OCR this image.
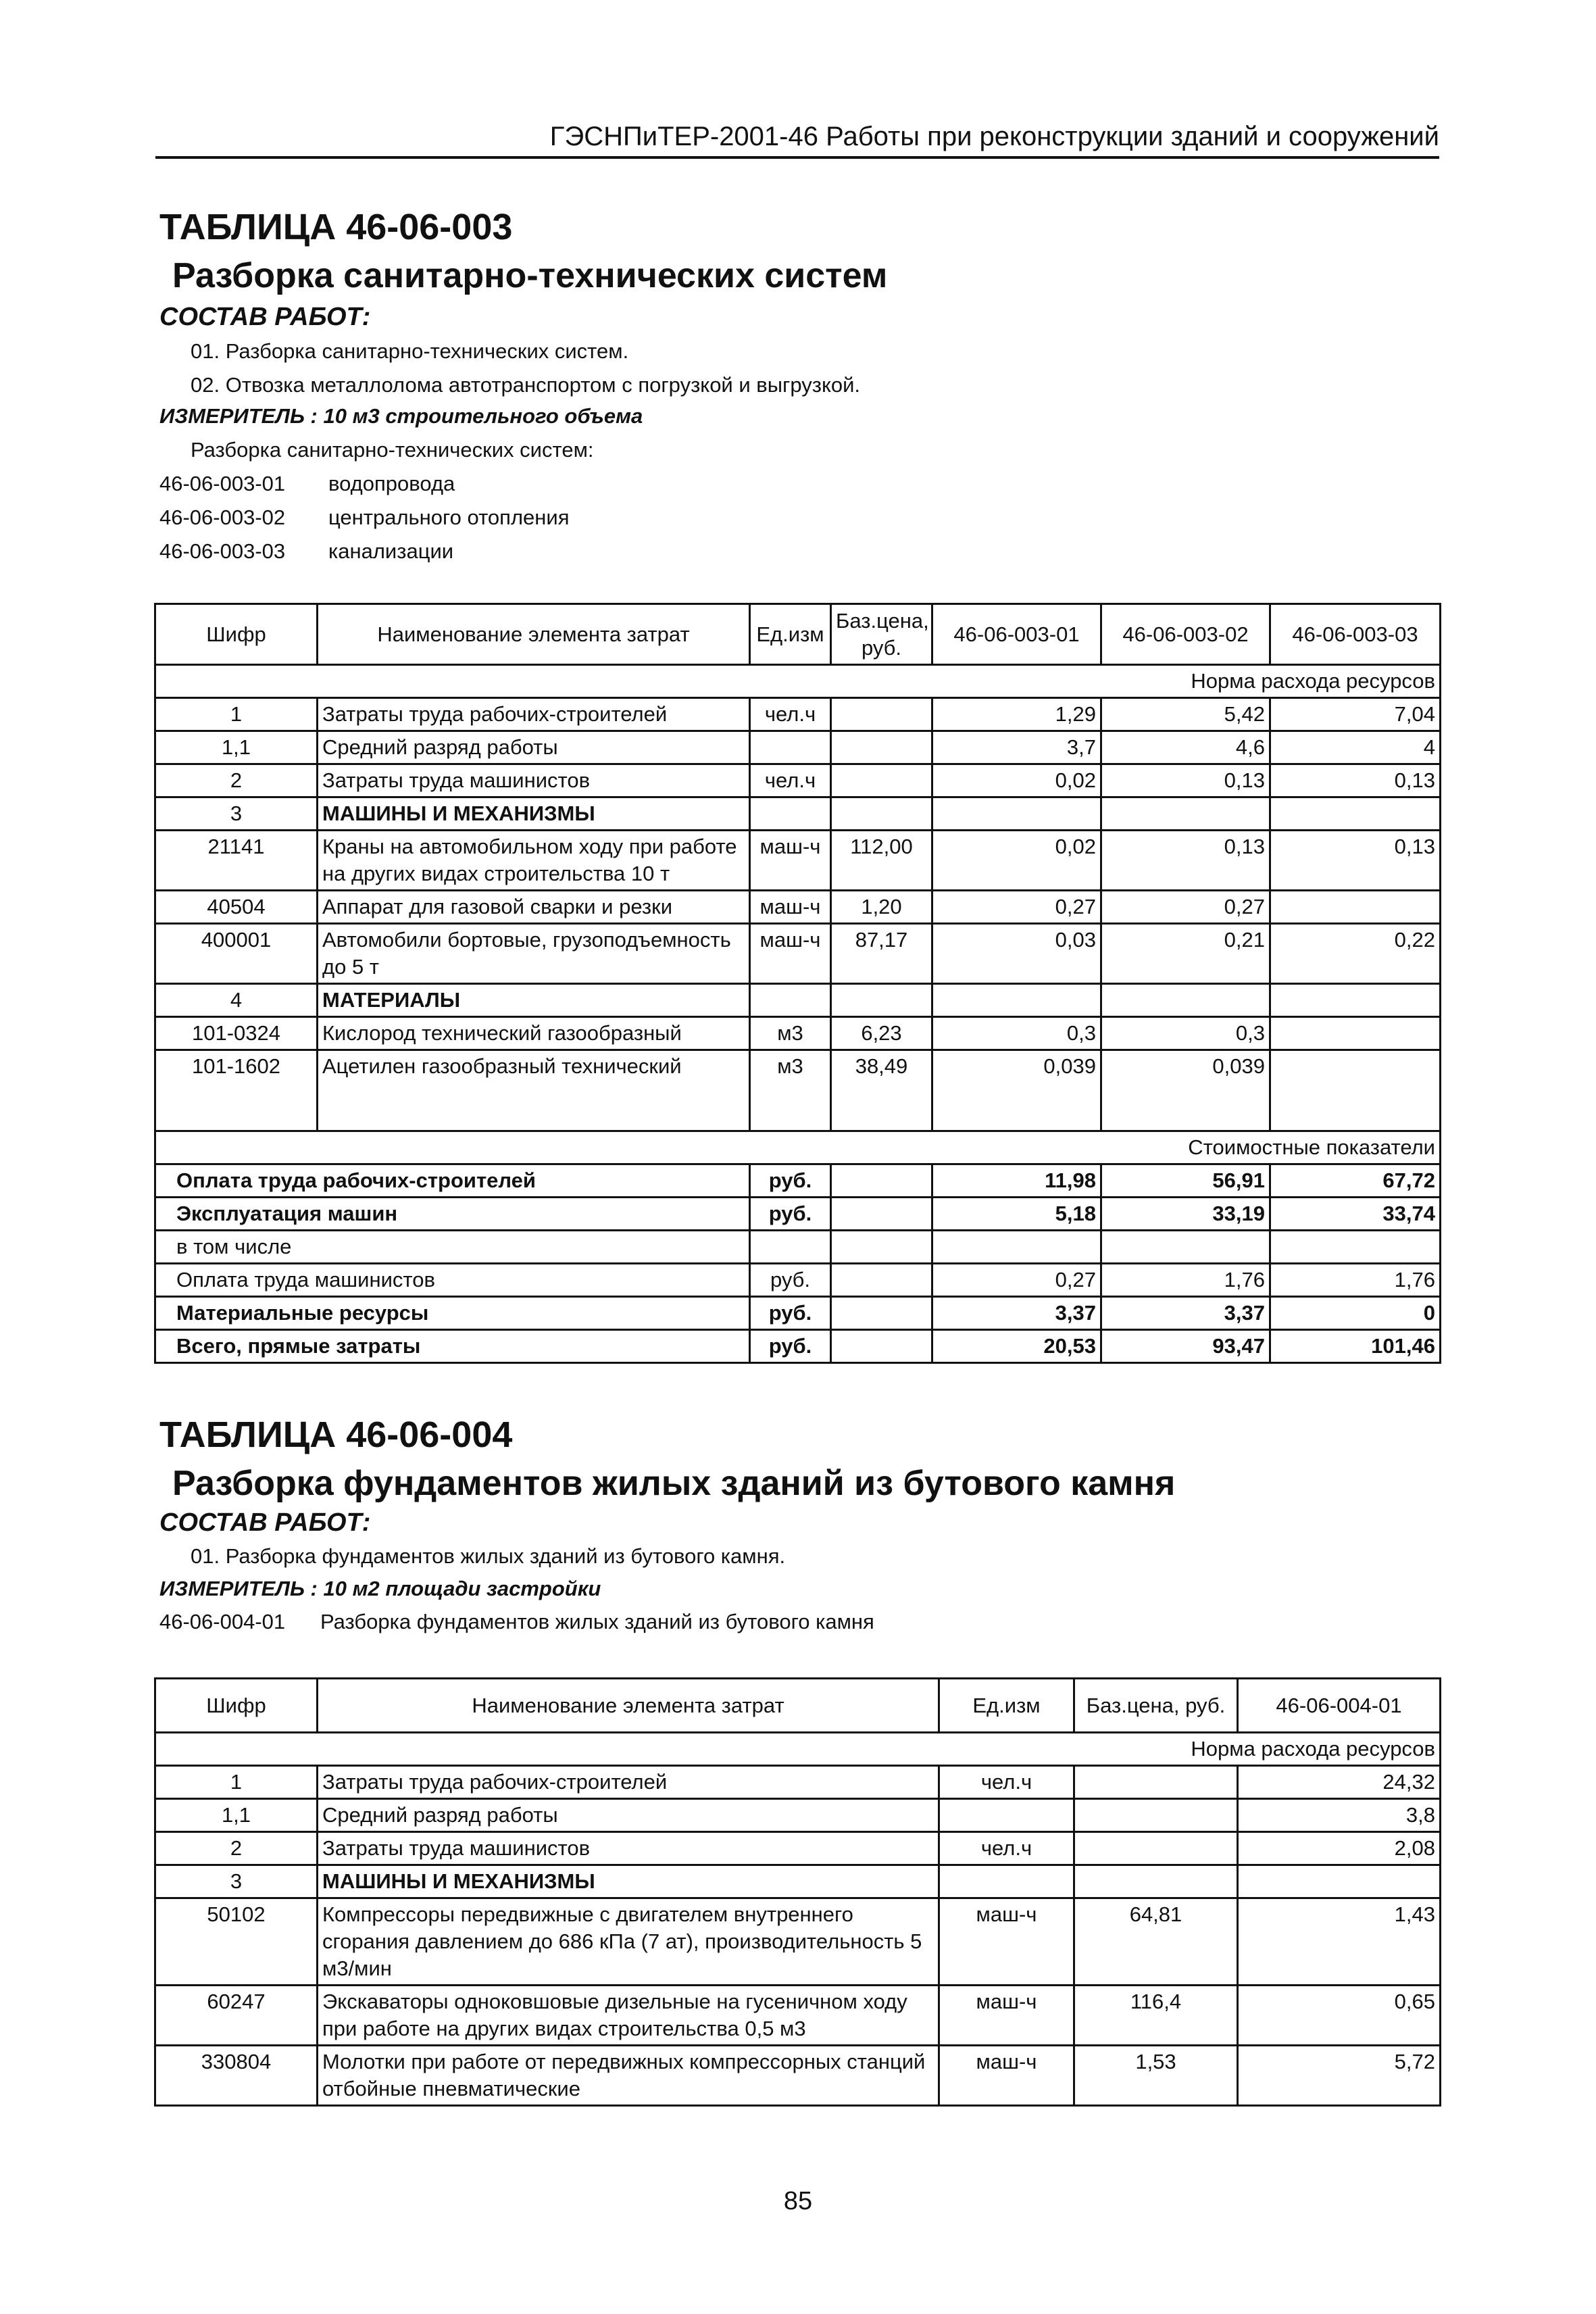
ГЭСНПиТЕР-2001-46 Работы при реконструкции зданий и сооружений
ТАБЛИЦА 46-06-003
Разборка санитарно-технических систем
СОСТАВ РАБОТ:
01. Разборка санитарно-технических систем.
02. Отвозка металлолома автотранспортом с погрузкой и выгрузкой.
ИЗМЕРИТЕЛЬ : 10 м3 строительного объема
Разборка санитарно-технических систем:
46-06-003-01 водопровода
46-06-003-02 центрального отопления
46-06-003-03 канализации
Шифр	Наименование элемента затрат	Ед.изм	Баз.цена, руб.	46-06-003-01	46-06-003-02	46-06-003-03
Норма расхода ресурсов						
1	Затраты труда рабочих-строителей	чел.ч		1,29	5,42	7,04
1,1	Средний разряд работы			3,7	4,6	4
2	Затраты труда машинистов	чел.ч		0,02	0,13	0,13
3	МАШИНЫ И МЕХАНИЗМЫ					
21141	Краны на автомобильном ходу при работе на других видах строительства 10 т	маш-ч	112,00	0,02	0,13	0,13
40504	Аппарат для газовой сварки и резки	маш-ч	1,20	0,27	0,27	
400001	Автомобили бортовые, грузоподъемность до 5 т	маш-ч	87,17	0,03	0,21	0,22
4	МАТЕРИАЛЫ					
101-0324	Кислород технический газообразный	м3	6,23	0,3	0,3	
101-1602	Ацетилен газообразный технический	м3	38,49	0,039	0,039	
Стоимостные показатели						
Оплата труда рабочих-строителей		руб.		11,98	56,91	67,72
Эксплуатация машин		руб.		5,18	33,19	33,74
в том числе						
Оплата труда машинистов		руб.		0,27	1,76	1,76
Материальные ресурсы		руб.		3,37	3,37	0
Всего, прямые затраты		руб.		20,53	93,47	101,46
ТАБЛИЦА 46-06-004
Разборка фундаментов жилых зданий из бутового камня
СОСТАВ РАБОТ:
01. Разборка фундаментов жилых зданий из бутового камня.
ИЗМЕРИТЕЛЬ : 10 м2 площади застройки
46-06-004-01 Разборка фундаментов жилых зданий из бутового камня
Шифр	Наименование элемента затрат	Ед.изм	Баз.цена, руб.	46-06-004-01
Норма расхода ресурсов				
1	Затраты труда рабочих-строителей	чел.ч		24,32
1,1	Средний разряд работы			3,8
2	Затраты труда машинистов	чел.ч		2,08
3	МАШИНЫ И МЕХАНИЗМЫ			
50102	Компрессоры передвижные с двигателем внутреннего сгорания давлением до 686 кПа (7 ат), производительность 5 м3/мин	маш-ч	64,81	1,43
60247	Экскаваторы одноковшовые дизельные на гусеничном ходу при работе на других видах строительства 0,5 м3	маш-ч	116,4	0,65
330804	Молотки при работе от передвижных компрессорных станций отбойные пневматические	маш-ч	1,53	5,72
85
